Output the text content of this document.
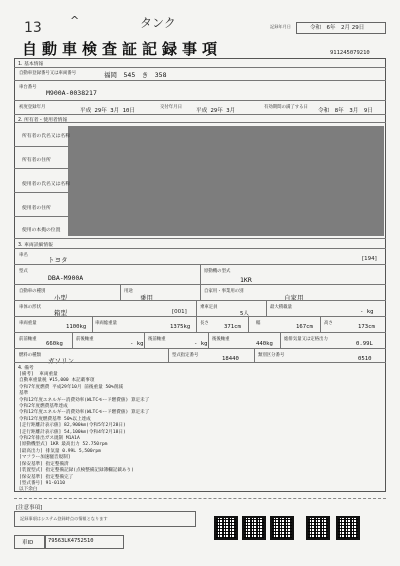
13	^	タンク
自動車検査証記録事項
記録年月日	令和　6年　2月 29日
911245079210
1. 基本情報
自動車登録番号又は車両番号	福岡　545　き　358
車台番号
M900A-0038217
初度登録年月
平成 29年 3月 10日
交付年月日
平成 29年 3月
有効期間の満了する日
令和　8年　3月　9日
2. 所有者・使用者情報
所有者の氏名又は名称
所有者の住所
使用者の氏名又は名称
使用者の住所
使用の本拠の位置
3. 車両詳細情報
車名
トヨタ	[194]
型式
DBA-M900A
原動機の型式
1KR
自動車の種別
小型
用途
乗用
自家用・事業用の別
自家用
車体の形状
箱型	[001]
乗車定員
5人
最大積載量
- kg
車両重量
1100kg
車両総重量
1375kg
長さ
371cm
幅
167cm
高さ
173cm
前前軸重
660kg
前後軸重
- kg
後前軸重
- kg
後後軸重
440kg
総排気量又は定格出力
0.99L
燃料の種類
ガソリン
型式指定番号
18440
類別区分番号
0510
4. 備考
[備考]  車両重量
自動車重量税 ¥15,000 本記載事項
令和7年度燃費 平成29年10月 前後重量 50%削減
基準
令和12年度エネルギー消費効率(WLTCモード燃費値) 算定未了
令和2年度燃費基準達成
令和12年度エネルギー消費効率(WLTCモード燃費値) 算定未了
令和12年度燃費基準 50%以上達成
[走行距離計表示値] 82,900km(令和5年2月28日)
[走行距離計表示値] 54,100km(令和4年2月18日)
令和2年排出ガス規制 M1A1A
[原動機型式] 1KR 最高出力 52.750rpm
[最高出力] 排気量 0.99L 5,500rpm
[マフラー加速騒音規制]
[保安基準] 指定整備済
[装置型式] 指定整備記録(点検整備記録簿欄記載あり)
[保安基準] 指定整備完了
[型式番号] 91-0110
以下余白
[注意事項]
記録事項はシステム登録時点の情報となります
車ID	79563LK4752510
